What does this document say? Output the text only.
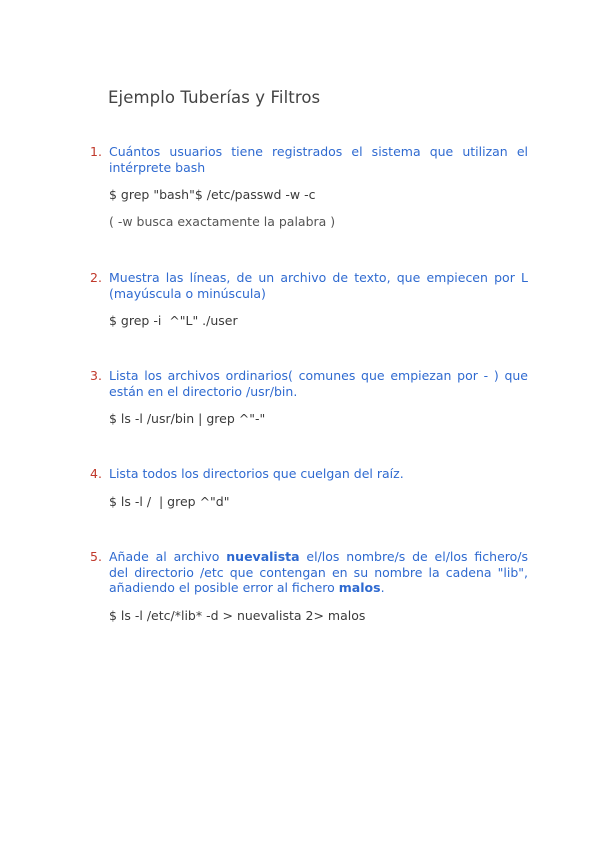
Ejemplo Tuberías y Filtros
1. Cuántos usuarios tiene registrados el sistema que utilizan el intérprete bash
$ grep "bash"$ /etc/passwd -w -c
( -w busca exactamente la palabra )
2. Muestra las líneas, de un archivo de texto, que empiecen por L (mayúscula o minúscula)
$ grep -i  ^"L" ./user
3. Lista los archivos ordinarios( comunes que empiezan por - ) que están en el directorio /usr/bin.
$ ls -l /usr/bin | grep ^"-"
4. Lista todos los directorios que cuelgan del raíz.
$ ls -l /  | grep ^"d"
5. Añade al archivo nuevalista el/los nombre/s de el/los fichero/s del directorio /etc que contengan en su nombre la cadena "lib", añadiendo el posible error al fichero malos.
$ ls -l /etc/*lib* -d > nuevalista 2> malos
